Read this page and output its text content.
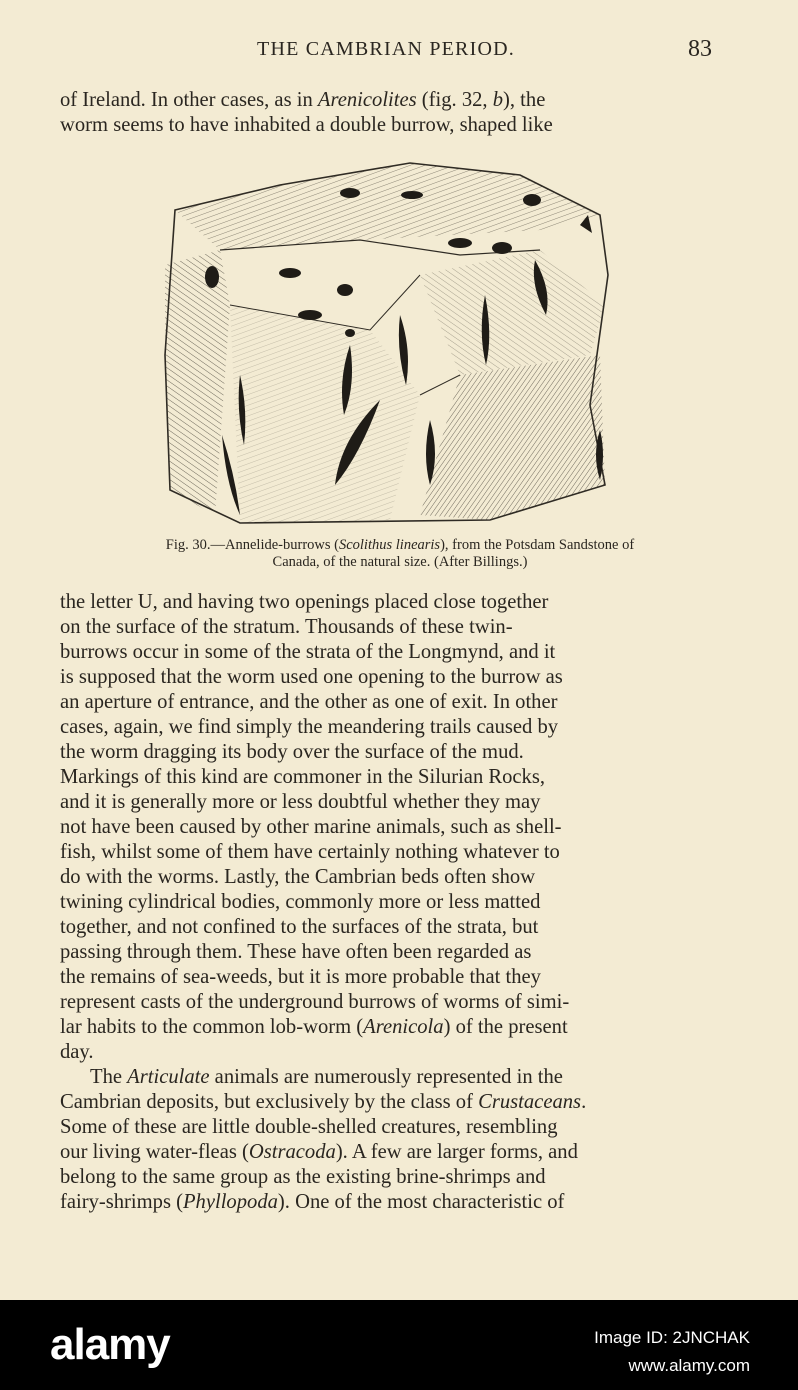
THE CAMBRIAN PERIOD.	83
of Ireland. In other cases, as in Arenicolites (fig. 32, b), the
worm seems to have inhabited a double burrow, shaped like
Fig. 30.—Annelide-burrows (Scolithus linearis), from the Potsdam Sandstone of
Canada, of the natural size. (After Billings.)
the letter U, and having two openings placed close together
on the surface of the stratum. Thousands of these twin-
burrows occur in some of the strata of the Longmynd, and it
is supposed that the worm used one opening to the burrow as
an aperture of entrance, and the other as one of exit. In other
cases, again, we find simply the meandering trails caused by
the worm dragging its body over the surface of the mud.
Markings of this kind are commoner in the Silurian Rocks,
and it is generally more or less doubtful whether they may
not have been caused by other marine animals, such as shell-
fish, whilst some of them have certainly nothing whatever to
do with the worms. Lastly, the Cambrian beds often show
twining cylindrical bodies, commonly more or less matted
together, and not confined to the surfaces of the strata, but
passing through them. These have often been regarded as
the remains of sea-weeds, but it is more probable that they
represent casts of the underground burrows of worms of simi-
lar habits to the common lob-worm (Arenicola) of the present
day.
The Articulate animals are numerously represented in the
Cambrian deposits, but exclusively by the class of Crustaceans.
Some of these are little double-shelled creatures, resembling
our living water-fleas (Ostracoda). A few are larger forms, and
belong to the same group as the existing brine-shrimps and
fairy-shrimps (Phyllopoda). One of the most characteristic of
alamy	Image ID: 2JNCHAK
www.alamy.com
